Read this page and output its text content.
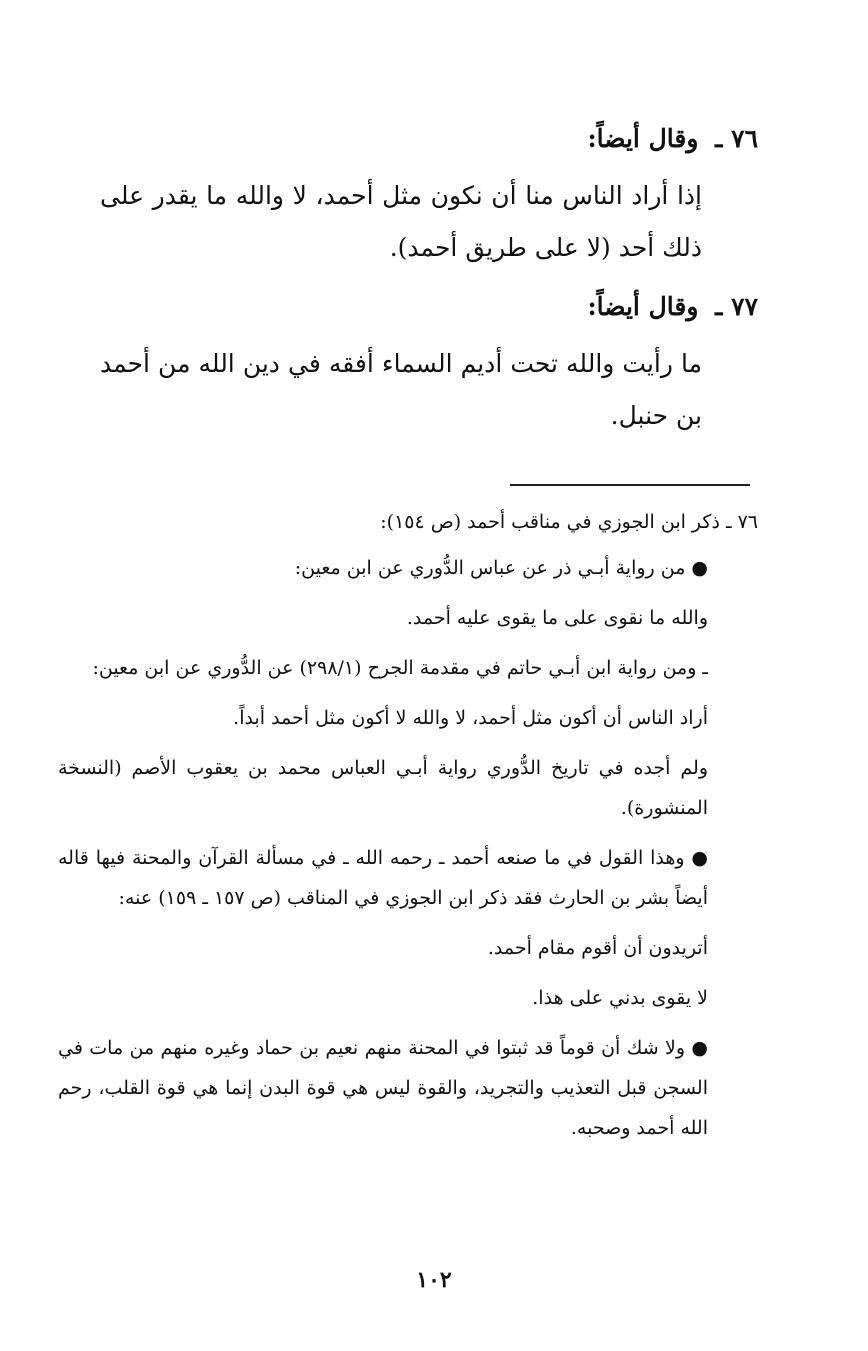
٧٦ ـ وقال أيضاً:

إذا أراد الناس منا أن نكون مثل أحمد، لا والله ما يقدر على ذلك أحد (لا على طريق أحمد).

٧٧ ـ وقال أيضاً:

ما رأيت والله تحت أديم السماء أفقه في دين الله من أحمد بن حنبل.

٧٦ ـ ذكر ابن الجوزي في مناقب أحمد (ص ١٥٤):

● من رواية أبـي ذر عن عباس الدُّوري عن ابن معين:

والله ما نقوى على ما يقوى عليه أحمد.

ـ ومن رواية ابن أبـي حاتم في مقدمة الجرح (٢٩٨/١) عن الدُّوري عن ابن معين:

أراد الناس أن أكون مثل أحمد، لا والله لا أكون مثل أحمد أبداً.

ولم أجده في تاريخ الدُّوري رواية أبـي العباس محمد بن يعقوب الأصم (النسخة المنشورة).

● وهذا القول في ما صنعه أحمد ـ رحمه الله ـ في مسألة القرآن والمحنة فيها قاله أيضاً بشر بن الحارث فقد ذكر ابن الجوزي في المناقب (ص ١٥٧ ـ ١٥٩) عنه:

أتريدون أن أقوم مقام أحمد.

لا يقوى بدني على هذا.

● ولا شك أن قوماً قد ثبتوا في المحنة منهم نعيم بن حماد وغيره منهم من مات في السجن قبل التعذيب والتجريد، والقوة ليس هي قوة البدن إنما هي قوة القلب، رحم الله أحمد وصحبه.

١٠٢
